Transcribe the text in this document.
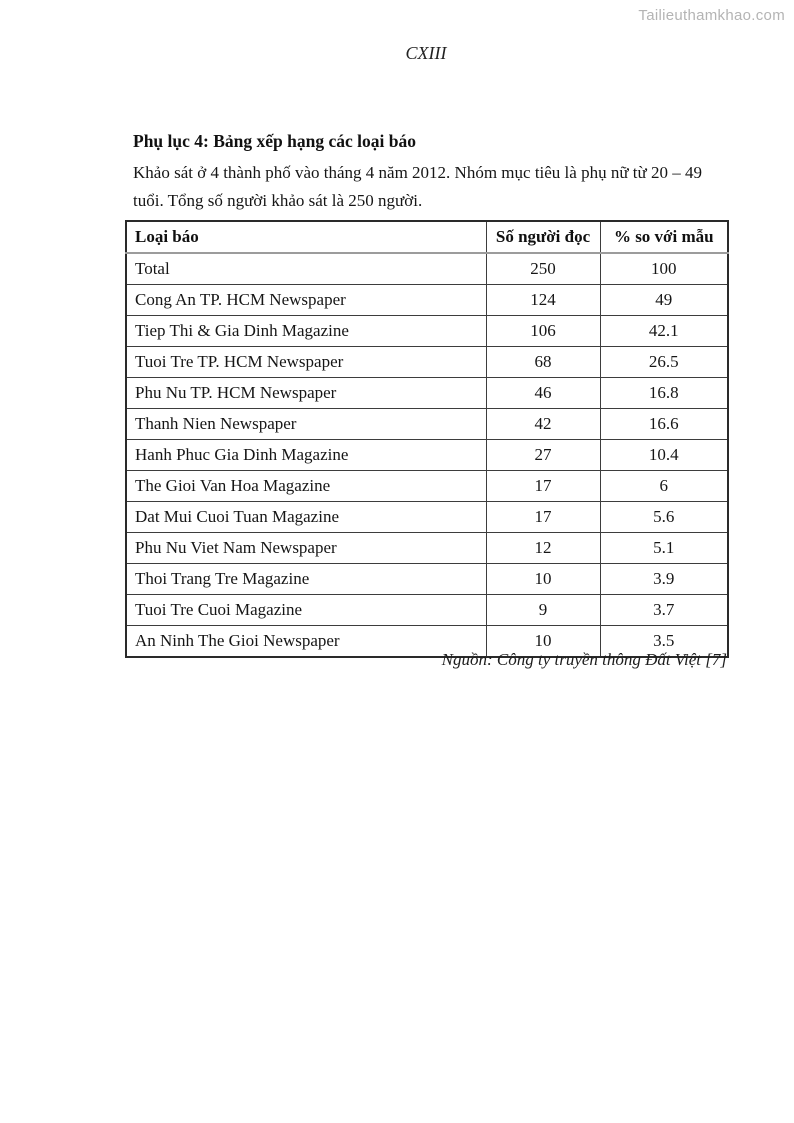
Tailieuthamkhao.com
CXIII
Phụ lục 4: Bảng xếp hạng các loại báo
Khảo sát ở 4 thành phố vào tháng 4 năm 2012. Nhóm mục tiêu là phụ nữ từ 20 – 49 tuổi. Tổng số người khảo sát là 250 người.
Loại báo	Số người đọc	% so với mẫu
Total	250	100
Cong An TP. HCM Newspaper	124	49
Tiep Thi & Gia Dinh Magazine	106	42.1
Tuoi Tre TP. HCM Newspaper	68	26.5
Phu Nu TP. HCM Newspaper	46	16.8
Thanh Nien Newspaper	42	16.6
Hanh Phuc Gia Dinh Magazine	27	10.4
The Gioi Van Hoa Magazine	17	6
Dat Mui Cuoi Tuan Magazine	17	5.6
Phu Nu Viet Nam Newspaper	12	5.1
Thoi Trang Tre Magazine	10	3.9
Tuoi Tre Cuoi Magazine	9	3.7
An Ninh The Gioi Newspaper	10	3.5
Nguồn: Công ty truyền thông Đất Việt [7]
